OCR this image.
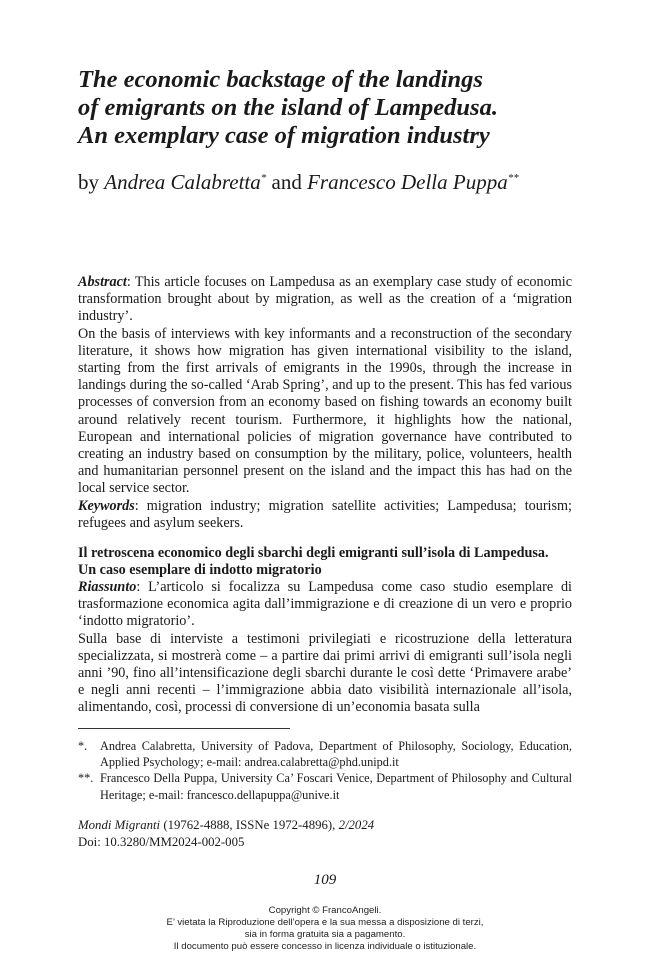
The economic backstage of the landings
of emigrants on the island of Lampedusa.
An exemplary case of migration industry
by Andrea Calabretta* and Francesco Della Puppa**

Abstract: This article focuses on Lampedusa as an exemplary case study of economic transformation brought about by migration, as well as the creation of a ‘migration industry’.

On the basis of interviews with key informants and a reconstruction of the secondary literature, it shows how migration has given international visibility to the island, starting from the first arrivals of emigrants in the 1990s, through the increase in landings during the so-called ‘Arab Spring’, and up to the present. This has fed various processes of conversion from an economy based on fishing towards an economy built around relatively recent tourism. Furthermore, it highlights how the national, European and international policies of migration governance have contributed to creating an industry based on consumption by the military, police, volunteers, health and humanitarian personnel present on the island and the impact this has had on the local service sector.

Keywords: migration industry; migration satellite activities; Lampedusa; tourism; refugees and asylum seekers.

Il retroscena economico degli sbarchi degli emigranti sull’isola di Lampedusa.
Un caso esemplare di indotto migratorio

Riassunto: L’articolo si focalizza su Lampedusa come caso studio esemplare di trasformazione economica agita dall’immigrazione e di creazione di un vero e proprio ‘indotto migratorio’.

Sulla base di interviste a testimoni privilegiati e ricostruzione della letteratura specializzata, si mostrerà come – a partire dai primi arrivi di emigranti sull’isola negli anni ’90, fino all’intensificazione degli sbarchi durante le così dette ‘Primavere arabe’ e negli anni recenti – l’immigrazione abbia dato visibilità internazionale all’isola, alimentando, così, processi di conversione di un’economia basata sulla

*.	Andrea Calabretta, University of Padova, Department of Philosophy, Sociology, Education, Applied Psychology; e-mail: andrea.calabretta@phd.unipd.it
**. Francesco Della Puppa, University Ca’ Foscari Venice, Department of Philosophy and Cultural Heritage; e-mail: francesco.dellapuppa@unive.it
Mondi Migranti (19762-4888, ISSNe 1972-4896), 2/2024
Doi: 10.3280/MM2024-002-005
109
Copyright © FrancoAngeli.
E’ vietata la Riproduzione dell’opera e la sua messa a disposizione di terzi,
sia in forma gratuita sia a pagamento.
Il documento può essere concesso in licenza individuale o istituzionale.
